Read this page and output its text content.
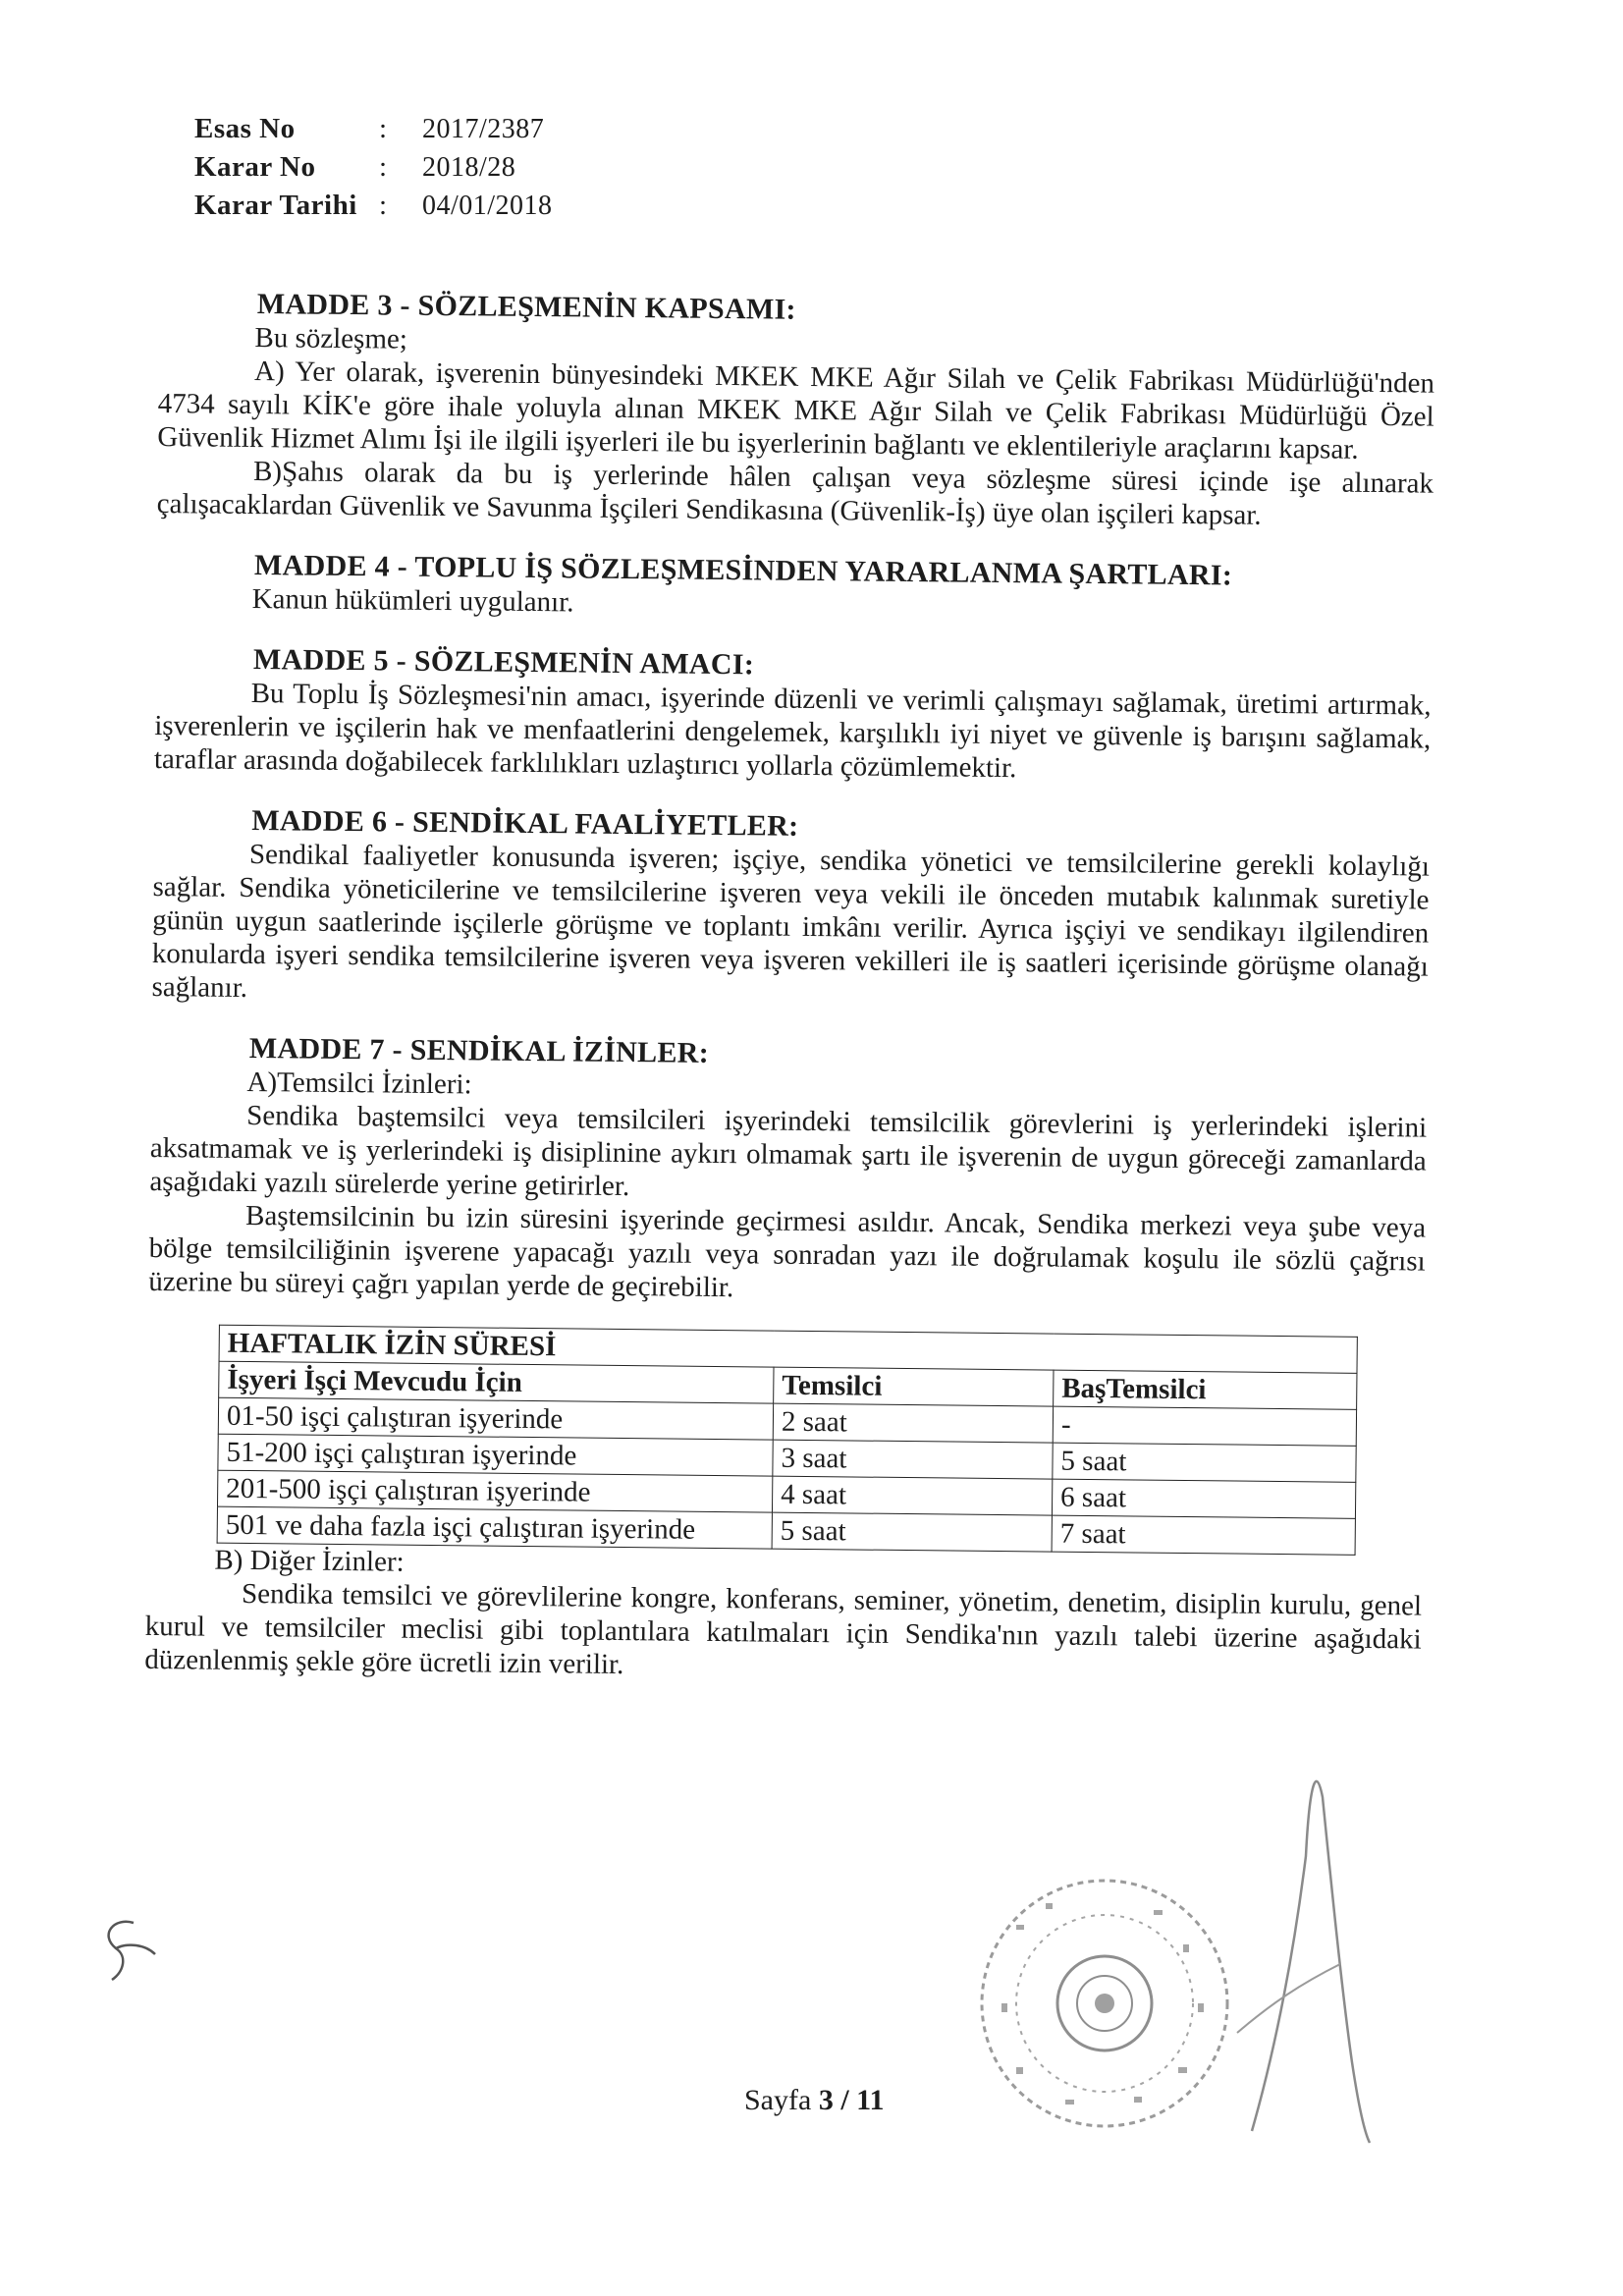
Esas No	:	2017/2387
Karar No	:	2018/28
Karar Tarihi :	04/01/2018
MADDE 3 - SÖZLEŞMENİN KAPSAMI:

Bu sözleşme;

A) Yer olarak, işverenin bünyesindeki MKEK MKE Ağır Silah ve Çelik Fabrikası Müdürlüğü'nden 4734 sayılı KİK'e göre ihale yoluyla alınan MKEK MKE Ağır Silah ve Çelik Fabrikası Müdürlüğü Özel Güvenlik Hizmet Alımı İşi ile ilgili işyerleri ile bu işyerlerinin bağlantı ve eklentileriyle araçlarını kapsar.

B)Şahıs olarak da bu iş yerlerinde hâlen çalışan veya sözleşme süresi içinde işe alınarak çalışacaklardan Güvenlik ve Savunma İşçileri Sendikasına (Güvenlik-İş) üye olan işçileri kapsar.

MADDE 4 - TOPLU İŞ SÖZLEŞMESİNDEN YARARLANMA ŞARTLARI:

Kanun hükümleri uygulanır.

MADDE 5 - SÖZLEŞMENİN AMACI:

Bu Toplu İş Sözleşmesi'nin amacı, işyerinde düzenli ve verimli çalışmayı sağlamak, üretimi artırmak, işverenlerin ve işçilerin hak ve menfaatlerini dengelemek, karşılıklı iyi niyet ve güvenle iş barışını sağlamak, taraflar arasında doğabilecek farklılıkları uzlaştırıcı yollarla çözümlemektir.

MADDE 6 - SENDİKAL FAALİYETLER:

Sendikal faaliyetler konusunda işveren; işçiye, sendika yönetici ve temsilcilerine gerekli kolaylığı sağlar. Sendika yöneticilerine ve temsilcilerine işveren veya vekili ile önceden mutabık kalınmak suretiyle günün uygun saatlerinde işçilerle görüşme ve toplantı imkânı verilir. Ayrıca işçiyi ve sendikayı ilgilendiren konularda işyeri sendika temsilcilerine işveren veya işveren vekilleri ile iş saatleri içerisinde görüşme olanağı sağlanır.

MADDE 7 - SENDİKAL İZİNLER:

A)Temsilci İzinleri:

Sendika baştemsilci veya temsilcileri işyerindeki temsilcilik görevlerini iş yerlerindeki işlerini aksatmamak ve iş yerlerindeki iş disiplinine aykırı olmamak şartı ile işverenin de uygun göreceği zamanlarda aşağıdaki yazılı sürelerde yerine getirirler.

Baştemsilcinin bu izin süresini işyerinde geçirmesi asıldır. Ancak, Sendika merkezi veya şube veya bölge temsilciliğinin işverene yapacağı yazılı veya sonradan yazı ile doğrulamak koşulu ile sözlü çağrısı üzerine bu süreyi çağrı yapılan yerde de geçirebilir.

HAFTALIK İZİN SÜRESİ		
İşyeri İşçi Mevcudu İçin	Temsilci	BaşTemsilci
01-50 işçi çalıştıran işyerinde	2 saat	-
51-200 işçi çalıştıran işyerinde	3 saat	5 saat
201-500 işçi çalıştıran işyerinde	4 saat	6 saat
501 ve daha fazla işçi çalıştıran işyerinde	5 saat	7 saat

B) Diğer İzinler:

Sendika temsilci ve görevlilerine kongre, konferans, seminer, yönetim, denetim, disiplin kurulu, genel kurul ve temsilciler meclisi gibi toplantılara katılmaları için Sendika'nın yazılı talebi üzerine aşağıdaki düzenlenmiş şekle göre ücretli izin verilir.

Sayfa 3 / 11
